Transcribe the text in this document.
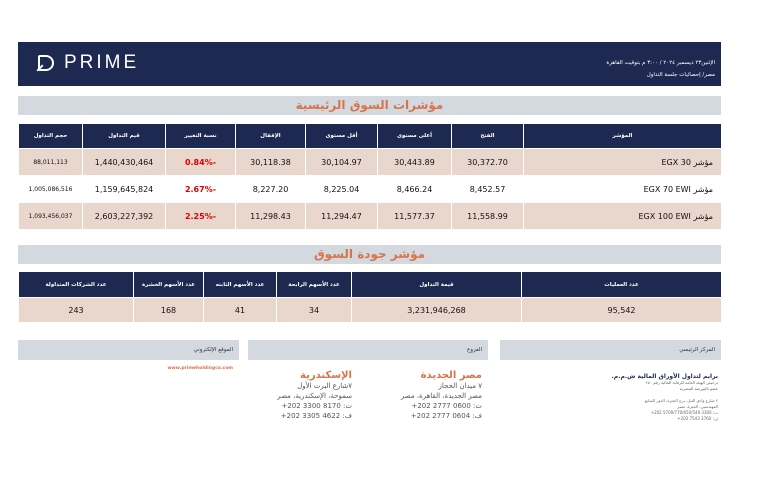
PRIME	الإثنين٢٣ ديسمبر ٢٠٢٤ / ٣:٠٠ م بتوقيت القاهرة
مصر/ إحصائيات جلسة التداول
مؤشرات السوق الرئيسية
المؤشر	الفتح	أعلى مستوى	أقل مستوى	الإقفال	نسبة التغيير	قيم التداول	حجم التداول
مؤشر EGX 30	30,372.70	30,443.89	30,104.97	30,118.38	-0.84%	1,440,430,464	88,011,113
مؤشر EGX 70 EWI	8,452.57	8,466.24	8,225.04	8,227.20	-2.67%	1,159,645,824	1,005,086,516
مؤشر EGX 100 EWI	11,558.99	11,577.37	11,294.47	11,298.43	-2.25%	2,603,227,392	1,093,456,037
مؤشر جودة السوق
عدد العمليات	قيمة التداول	عدد الأسهم الرابحة	عدد الأسهم الثابته	عدد الأسهم الخشرة	عدد الشركات المتداولة
95,542	3,231,946,268	34	41	168	243
المركز الرئيسي
الفروع
الموقع الإلكتروني
برايم لتداول الأوراق المالية ش.م.م.
ترخيص الهيئة العامة للرقابة المالية رقم ٢٥٠
عضو بالبورصة المصرية
٢ شارع وادي النيل، برج الجيزة، الدور السابع
المهندسين، الجيزة، مصر
ت: 3300 5700/770/650/549 202+
ف: 3760 7543 202+
مصر الجديدة
٧ ميدان الحجاز
مصر الجديدة، القاهرة، مصر
ت: 0600 2777 202+
ف: 0604 2777 202+
الإسكندرية
٧شارع البرت الأول
سموحة، الإسكندرية، مصر
ت: 8170 3300 202+
ف: 4622 3305 202+
www.primeholdingco.com
